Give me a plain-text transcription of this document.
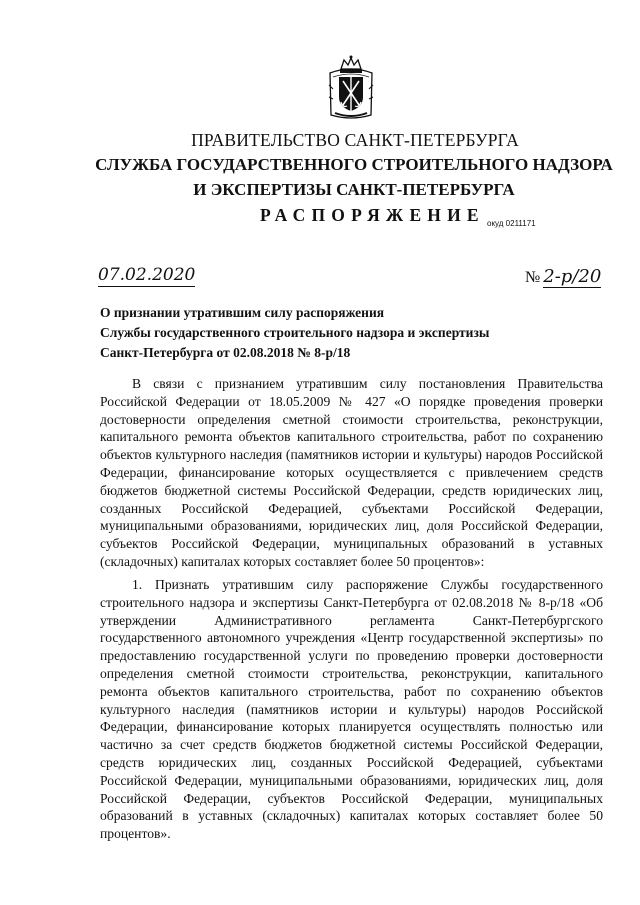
ПРАВИТЕЛЬСТВО САНКТ-ПЕТЕРБУРГА
СЛУЖБА ГОСУДАРСТВЕННОГО СТРОИТЕЛЬНОГО НАДЗОРА
И ЭКСПЕРТИЗЫ САНКТ-ПЕТЕРБУРГА
РАСПОРЯЖЕНИЕ окуд 0211171
07.02.2020	№ 2-р/20
О признании утратившим силу распоряжения
Службы государственного строительного надзора и экспертизы
Санкт-Петербурга от 02.08.2018 № 8-р/18
В связи с признанием утратившим силу постановления Правительства Российской Федерации от 18.05.2009 № 427 «О порядке проведения проверки достоверности определения сметной стоимости строительства, реконструкции, капитального ремонта объектов капитального строительства, работ по сохранению объектов культурного наследия (памятников истории и культуры) народов Российской Федерации, финансирование которых осуществляется с привлечением средств бюджетов бюджетной системы Российской Федерации, средств юридических лиц, созданных Российской Федерацией, субъектами Российской Федерации, муниципальными образованиями, юридических лиц, доля Российской Федерации, субъектов Российской Федерации, муниципальных образований в уставных (складочных) капиталах которых составляет более 50 процентов»:
1. Признать утратившим силу распоряжение Службы государственного строительного надзора и экспертизы Санкт-Петербурга от 02.08.2018 № 8-р/18 «Об утверждении Административного регламента Санкт-Петербургского государственного автономного учреждения «Центр государственной экспертизы» по предоставлению государственной услуги по проведению проверки достоверности определения сметной стоимости строительства, реконструкции, капитального ремонта объектов капитального строительства, работ по сохранению объектов культурного наследия (памятников истории и культуры) народов Российской Федерации, финансирование которых планируется осуществлять полностью или частично за счет средств бюджетов бюджетной системы Российской Федерации, средств юридических лиц, созданных Российской Федерацией, субъектами Российской Федерации, муниципальными образованиями, юридических лиц, доля Российской Федерации, субъектов Российской Федерации, муниципальных образований в уставных (складочных) капиталах которых составляет более 50 процентов».
